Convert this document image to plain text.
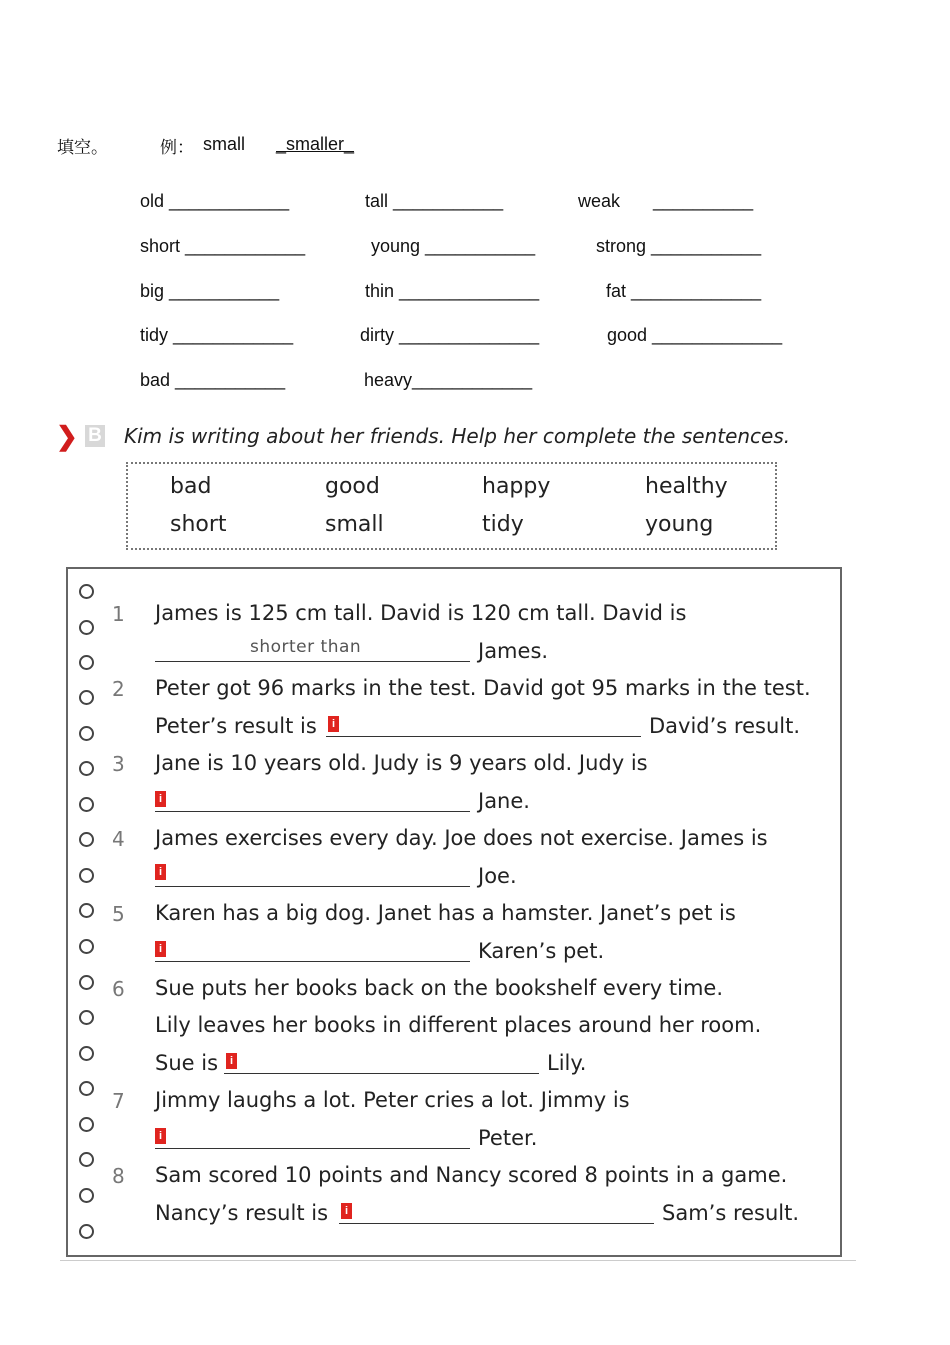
填空。	例： small _smaller_
old ____________	tall ___________	weak __________
short ____________	young ___________	strong ___________
big ___________	thin ______________	fat _____________
tidy ____________	dirty ______________	good _____________
bad ___________	heavy____________
❯ B Kim is writing about her friends. Help her complete the sentences.
bad	good	happy	healthy
short	small	tidy	young
1 James is 125 cm tall. David is 120 cm tall. David is
shorter than	James.
2 Peter got 96 marks in the test. David got 95 marks in the test.
Peter’s result is	i	David’s result.
3 Jane is 10 years old. Judy is 9 years old. Judy is
i	Jane.
4 James exercises every day. Joe does not exercise. James is
i	Joe.
5 Karen has a big dog. Janet has a hamster. Janet’s pet is
i	Karen’s pet.
6 Sue puts her books back on the bookshelf every time.
Lily leaves her books in different places around her room.
Sue is	i	Lily.
7 Jimmy laughs a lot. Peter cries a lot. Jimmy is
i	Peter.
8 Sam scored 10 points and Nancy scored 8 points in a game.
Nancy’s result is	i	Sam’s result.
